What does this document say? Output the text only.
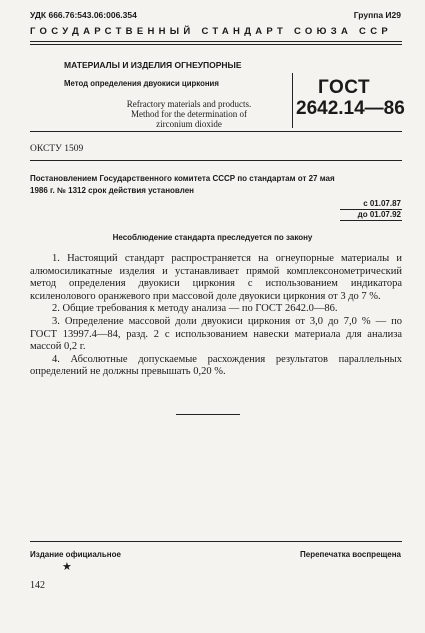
УДК 666.76:543.06:006.354	Группа И29
ГОСУДАРСТВЕННЫЙ СТАНДАРТ СОЮЗА ССР
МАТЕРИАЛЫ И ИЗДЕЛИЯ ОГНЕУПОРНЫЕ
Метод определения двуокиси циркония
Refractory materials and products.
Method for the determination of
zirconium dioxide
ГОСТ
2642.14—86
ОКСТУ 1509
Постановлением Государственного комитета СССР по стандартам от 27 мая
1986 г. № 1312 срок действия установлен
с 01.07.87
до 01.07.92
Несоблюдение стандарта преследуется по закону

1. Настоящий стандарт распространяется на огнеупорные материалы и алюмосиликатные изделия и устанавливает прямой комплексонометрический метод определения двуокиси циркония с использованием индикатора ксиленолового оранжевого при массовой доле двуокиси циркония от 3 до 7 %.

2. Общие требования к методу анализа — по ГОСТ 2642.0—86.

3. Определение массовой доли двуокиси циркония от 3,0 до 7,0 % — по ГОСТ 13997.4—84, разд. 2 с использованием навески материала для анализа массой 0,2 г.

4. Абсолютные допускаемые расхождения результатов параллельных определений не должны превышать 0,20 %.

Издание официальное	Перепечатка воспрещена
★
142
